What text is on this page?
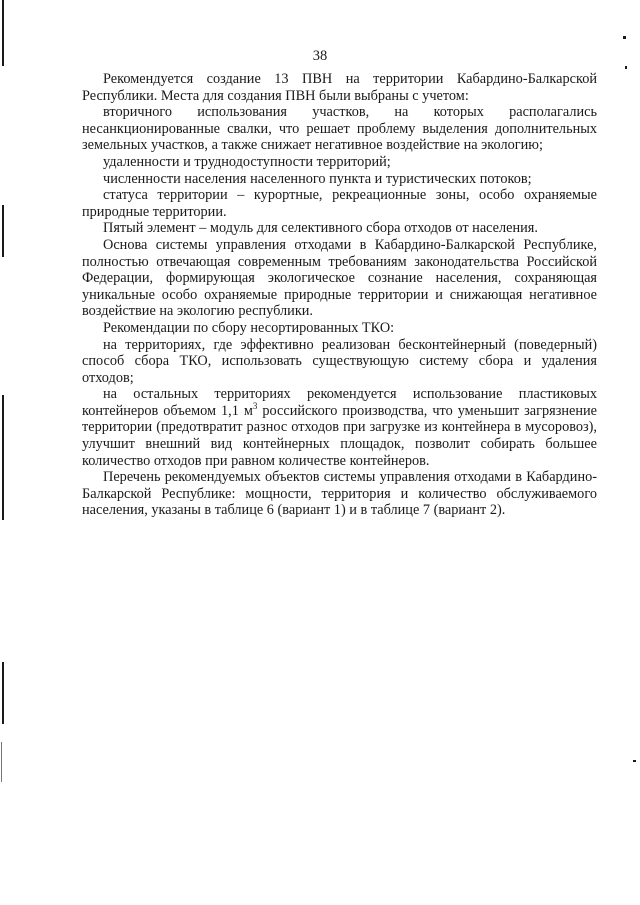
38

Рекомендуется создание 13 ПВН на территории Кабардино-Балкарской Республики. Места для создания ПВН были выбраны с учетом:

вторичного использования участков, на которых располагались несанкционированные свалки, что решает проблему выделения дополнительных земельных участков, а также снижает негативное воздействие на экологию;

удаленности и труднодоступности территорий;

численности населения населенного пункта и туристических потоков;

статуса территории – курортные, рекреационные зоны, особо охраняемые природные территории.

Пятый элемент – модуль для селективного сбора отходов от населения.

Основа системы управления отходами в Кабардино-Балкарской Республике, полностью отвечающая современным требованиям законодательства Российской Федерации, формирующая экологическое сознание населения, сохраняющая уникальные особо охраняемые природные территории и снижающая негативное воздействие на экологию республики.

Рекомендации по сбору несортированных ТКО:

на территориях, где эффективно реализован бесконтейнерный (поведерный) способ сбора ТКО, использовать существующую систему сбора и удаления отходов;

на остальных территориях рекомендуется использование пластиковых контейнеров объемом 1,1 $м^3$ российского производства, что уменьшит загрязнение территории (предотвратит разнос отходов при загрузке из контейнера в мусоровоз), улучшит внешний вид контейнерных площадок, позволит собирать большее количество отходов при равном количестве контейнеров.

Перечень рекомендуемых объектов системы управления отходами в Кабардино-Балкарской Республике: мощности, территория и количество обслуживаемого населения, указаны в таблице 6 (вариант 1) и в таблице 7 (вариант 2).
